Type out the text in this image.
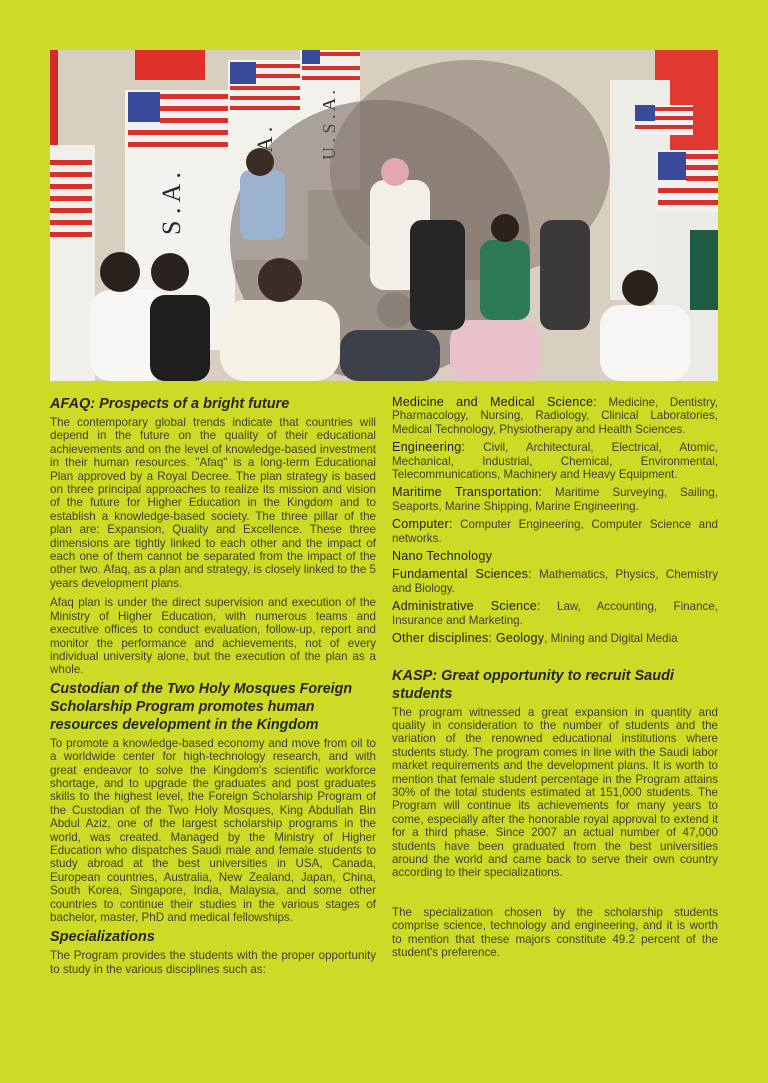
S . A .
A .
AFAQ: Prospects of a bright future

The contemporary global trends indicate that countries will depend in the future on the quality of their educational achievements and on the level of knowledge-based investment in their human resources. "Afaq" is a long-term Educational Plan approved by a Royal Decree. The plan strategy is based on three principal approaches to realize its mission and vision of the future for Higher Education in the Kingdom and to establish a knowledge-based society. The three pillar of the plan are: Expansion, Quality and Excellence. These three dimensions are tightly linked to each other and the impact of each one of them cannot be separated from the impact of the other two. Afaq, as a plan and strategy, is closely linked to the 5 years development plans.

Afaq plan is under the direct supervision and execution of the Ministry of Higher Education, with numerous teams and executive offices to conduct evaluation, follow-up, report and monitor the performance and achievements, not of every individual university alone, but the execution of the plan as a whole.

Custodian of the Two Holy Mosques Foreign Scholarship Program promotes human resources development in the Kingdom

To promote a knowledge-based economy and move from oil to a worldwide center for high-technology research, and with great endeavor to solve the Kingdom's scientific workforce shortage, and to upgrade the graduates and post graduates skills to the highest level, the Foreign Scholarship Program of the Custodian of the Two Holy Mosques, King Abdullah Bin Abdul Aziz, one of the largest scholarship programs in the world, was created. Managed by the Ministry of Higher Education who dispatches Saudi male and female students to study abroad at the best universities in USA, Canada, European countries, Australia, New Zealand, Japan, China, South Korea, Singapore, India, Malaysia, and some other countries to continue their studies in the various stages of bachelor, master, PhD and medical fellowships.

Specializations

The Program provides the students with the proper opportunity to study in the various disciplines such as:

Medicine and Medical Science: Medicine, Dentistry, Pharmacology, Nursing, Radiology, Clinical Laboratories, Medical Technology, Physiotherapy and Health Sciences.
Engineering: Civil, Architectural, Electrical, Atomic, Mechanical, Industrial, Chemical, Environmental, Telecommunications, Machinery and Heavy Equipment.
Maritime Transportation: Maritime Surveying, Sailing, Seaports, Marine Shipping, Marine Engineering.
Computer: Computer Engineering, Computer Science and networks.
Nano Technology
Fundamental Sciences: Mathematics, Physics, Chemistry and Biology.
Administrative Science: Law, Accounting, Finance, Insurance and Marketing.
Other disciplines: Geology, Mining and Digital Media
KASP: Great opportunity to recruit Saudi students

The program witnessed a great expansion in quantity and quality in consideration to the number of students and the variation of the renowned educational institutions where students study. The program comes in line with the Saudi labor market requirements and the development plans. It is worth to mention that female student percentage in the Program attains 30% of the total students estimated at 151,000 students. The Program will continue its achievements for many years to come, especially after the honorable royal approval to extend it for a third phase. Since 2007 an actual number of 47,000 students have been graduated from the best universities around the world and came back to serve their own country according to their specializations.

The specialization chosen by the scholarship students comprise science, technology and engineering, and it is worth to mention that these majors constitute 49.2 percent of the student's preference.
